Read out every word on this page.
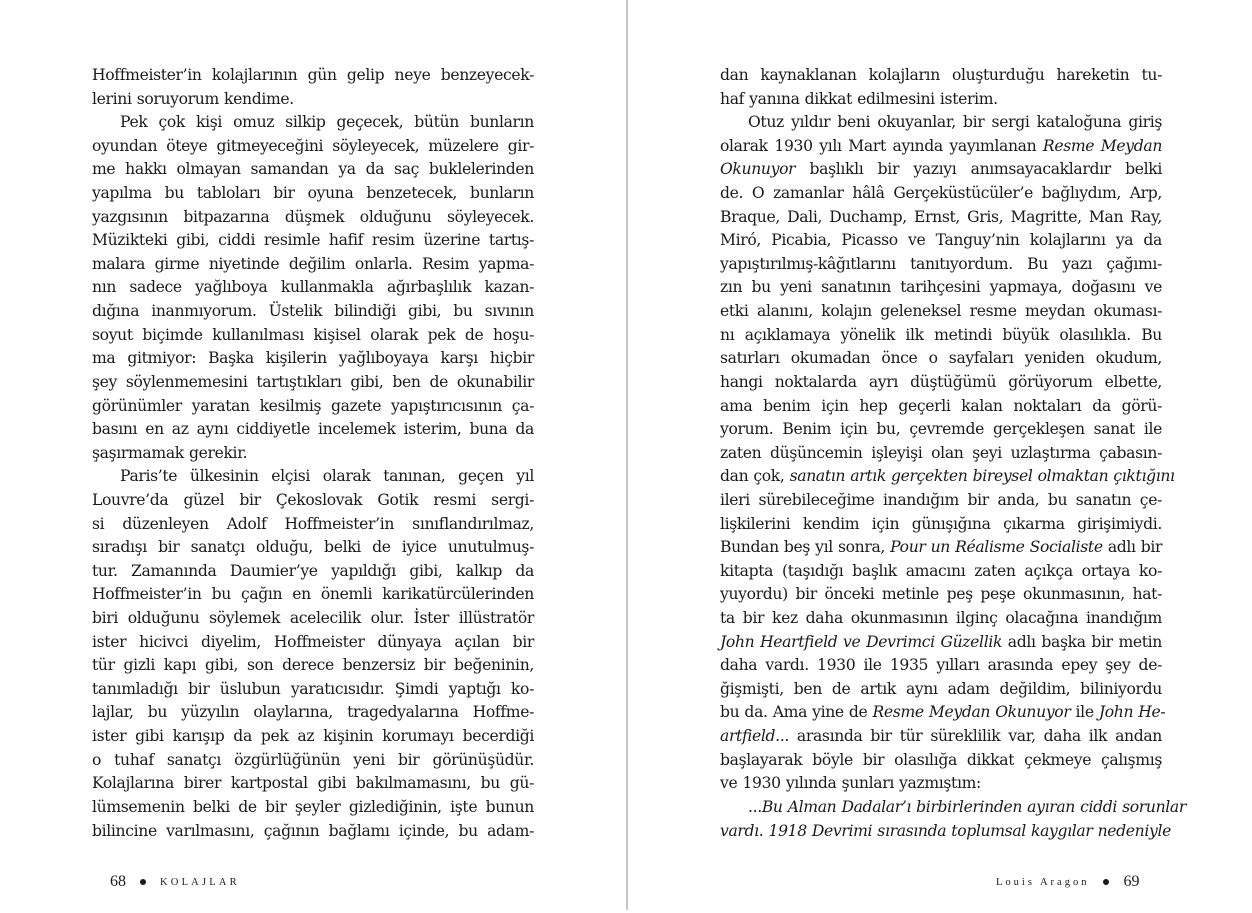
Hoffmeister’in kolajlarının gün gelip neye benzeyecek-
lerini soruyorum kendime.
Pek çok kişi omuz silkip geçecek, bütün bunların
oyundan öteye gitmeyeceğini söyleyecek, müzelere gir-
me hakkı olmayan samandan ya da saç buklelerinden
yapılma bu tabloları bir oyuna benzetecek, bunların
yazgısının bitpazarına düşmek olduğunu söyleyecek.
Müzikteki gibi, ciddi resimle hafif resim üzerine tartış-
malara girme niyetinde değilim onlarla. Resim yapma-
nın sadece yağlıboya kullanmakla ağırbaşlılık kazan-
dığına inanmıyorum. Üstelik bilindiği gibi, bu sıvının
soyut biçimde kullanılması kişisel olarak pek de hoşu-
ma gitmiyor: Başka kişilerin yağlıboyaya karşı hiçbir
şey söylenmemesini tartıştıkları gibi, ben de okunabilir
görünümler yaratan kesilmiş gazete yapıştırıcısının ça-
basını en az aynı ciddiyetle incelemek isterim, buna da
şaşırmamak gerekir.
Paris’te ülkesinin elçisi olarak tanınan, geçen yıl
Louvre’da güzel bir Çekoslovak Gotik resmi sergi-
si düzenleyen Adolf Hoffmeister’in sınıflandırılmaz,
sıradışı bir sanatçı olduğu, belki de iyice unutulmuş-
tur. Zamanında Daumier’ye yapıldığı gibi, kalkıp da
Hoffmeister’in bu çağın en önemli karikatürcülerinden
biri olduğunu söylemek acelecilik olur. İster illüstratör
ister hicivci diyelim, Hoffmeister dünyaya açılan bir
tür gizli kapı gibi, son derece benzersiz bir beğeninin,
tanımladığı bir üslubun yaratıcısıdır. Şimdi yaptığı ko-
lajlar, bu yüzyılın olaylarına, tragedyalarına Hoffme-
ister gibi karışıp da pek az kişinin korumayı becerdiği
o tuhaf sanatçı özgürlüğünün yeni bir görünüşüdür.
Kolajlarına birer kartpostal gibi bakılmamasını, bu gü-
lümsemenin belki de bir şeyler gizlediğinin, işte bunun
bilincine varılmasını, çağının bağlamı içinde, bu adam-
dan kaynaklanan kolajların oluşturduğu hareketin tu-
haf yanına dikkat edilmesini isterim.
Otuz yıldır beni okuyanlar, bir sergi kataloğuna giriş
olarak 1930 yılı Mart ayında yayımlanan Resme Meydan
Okunuyor başlıklı bir yazıyı anımsayacaklardır belki
de. O zamanlar hâlâ Gerçeküstücüler’e bağlıydım, Arp,
Braque, Dali, Duchamp, Ernst, Gris, Magritte, Man Ray,
Miró, Picabia, Picasso ve Tanguy’nin kolajlarını ya da
yapıştırılmış-kâğıtlarını tanıtıyordum. Bu yazı çağımı-
zın bu yeni sanatının tarihçesini yapmaya, doğasını ve
etki alanını, kolajın geleneksel resme meydan okuması-
nı açıklamaya yönelik ilk metindi büyük olasılıkla. Bu
satırları okumadan önce o sayfaları yeniden okudum,
hangi noktalarda ayrı düştüğümü görüyorum elbette,
ama benim için hep geçerli kalan noktaları da görü-
yorum. Benim için bu, çevremde gerçekleşen sanat ile
zaten düşüncemin işleyişi olan şeyi uzlaştırma çabasın-
dan çok, sanatın artık gerçekten bireysel olmaktan çıktığını
ileri sürebileceğime inandığım bir anda, bu sanatın çe-
lişkilerini kendim için günışığına çıkarma girişimiydi.
Bundan beş yıl sonra, Pour un Réalisme Socialiste adlı bir
kitapta (taşıdığı başlık amacını zaten açıkça ortaya ko-
yuyordu) bir önceki metinle peş peşe okunmasının, hat-
ta bir kez daha okunmasının ilginç olacağına inandığım
John Heartfield ve Devrimci Güzellik adlı başka bir metin
daha vardı. 1930 ile 1935 yılları arasında epey şey de-
ğişmişti, ben de artık aynı adam değildim, biliniyordu
bu da. Ama yine de Resme Meydan Okunuyor ile John He-
artfield... arasında bir tür süreklilik var, daha ilk andan
başlayarak böyle bir olasılığa dikkat çekmeye çalışmış
ve 1930 yılında şunları yazmıştım:
...Bu Alman Dadalar’ı birbirlerinden ayıran ciddi sorunlar
vardı. 1918 Devrimi sırasında toplumsal kaygılar nedeniyle
68	KOLAJLAR	Louis Aragon 69
